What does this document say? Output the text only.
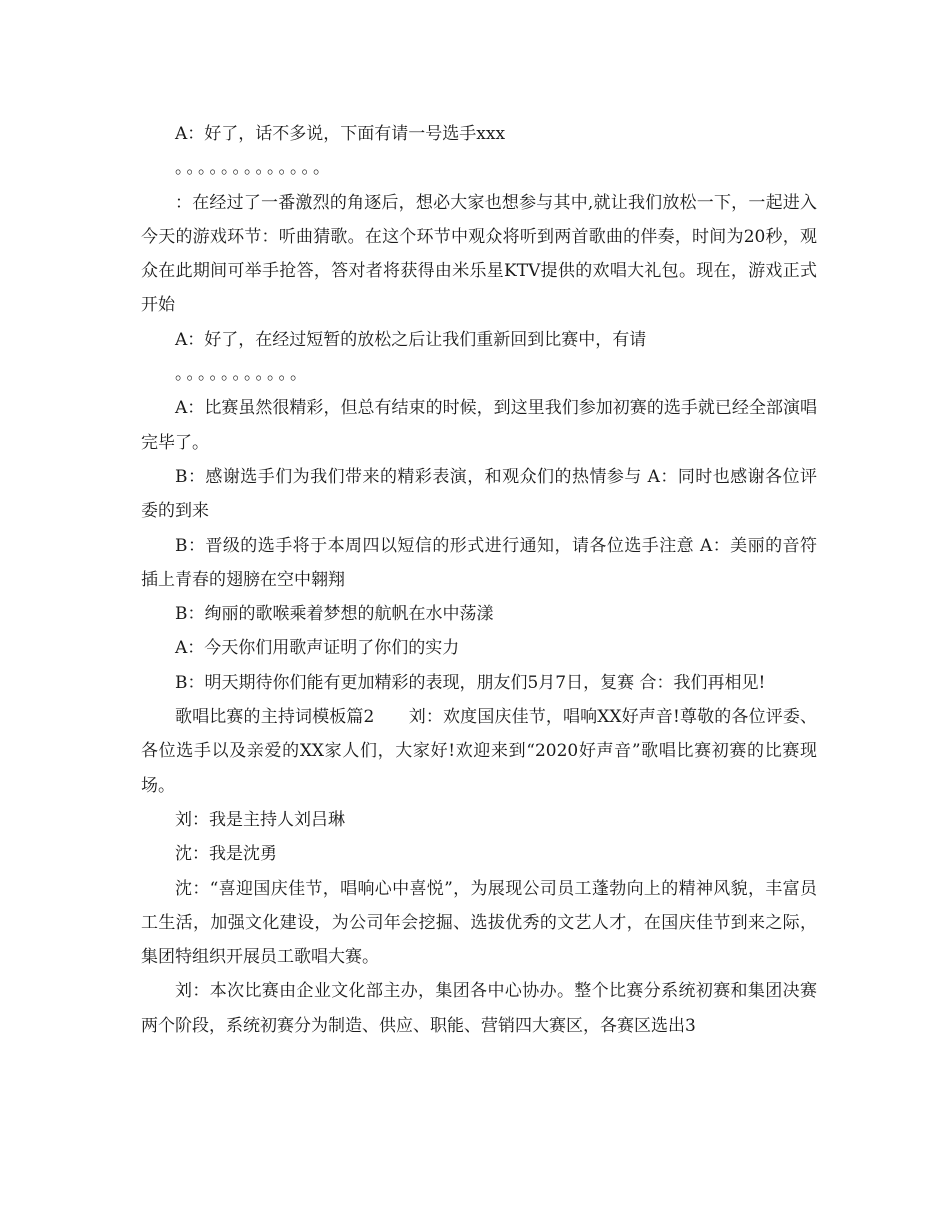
A：好了，话不多说，下面有请一号选手xxx

。。。。。。。。。。。。。

：在经过了一番激烈的角逐后，想必大家也想参与其中,就让我们放松一下，一起进入今天的游戏环节：听曲猜歌。在这个环节中观众将听到两首歌曲的伴奏，时间为20秒，观众在此期间可举手抢答，答对者将获得由米乐星KTV提供的欢唱大礼包。现在，游戏正式开始

A：好了，在经过短暂的放松之后让我们重新回到比赛中，有请

。。。。。。。。。。。

A：比赛虽然很精彩，但总有结束的时候，到这里我们参加初赛的选手就已经全部演唱完毕了。

B：感谢选手们为我们带来的精彩表演，和观众们的热情参与 A：同时也感谢各位评委的到来

B：晋级的选手将于本周四以短信的形式进行通知，请各位选手注意 A：美丽的音符插上青春的翅膀在空中翱翔

B：绚丽的歌喉乘着梦想的航帆在水中荡漾

A：今天你们用歌声证明了你们的实力

B：明天期待你们能有更加精彩的表现，朋友们5月7日，复赛 合：我们再相见!

歌唱比赛的主持词模板篇2　　刘：欢度国庆佳节，唱响XX好声音!尊敬的各位评委、各位选手以及亲爱的XX家人们，大家好!欢迎来到“2020好声音”歌唱比赛初赛的比赛现场。

刘：我是主持人刘吕琳

沈：我是沈勇

沈：“喜迎国庆佳节，唱响心中喜悦”，为展现公司员工蓬勃向上的精神风貌，丰富员工生活，加强文化建设，为公司年会挖掘、选拔优秀的文艺人才，在国庆佳节到来之际，集团特组织开展员工歌唱大赛。

刘：本次比赛由企业文化部主办，集团各中心协办。整个比赛分系统初赛和集团决赛两个阶段，系统初赛分为制造、供应、职能、营销四大赛区，各赛区选出3
